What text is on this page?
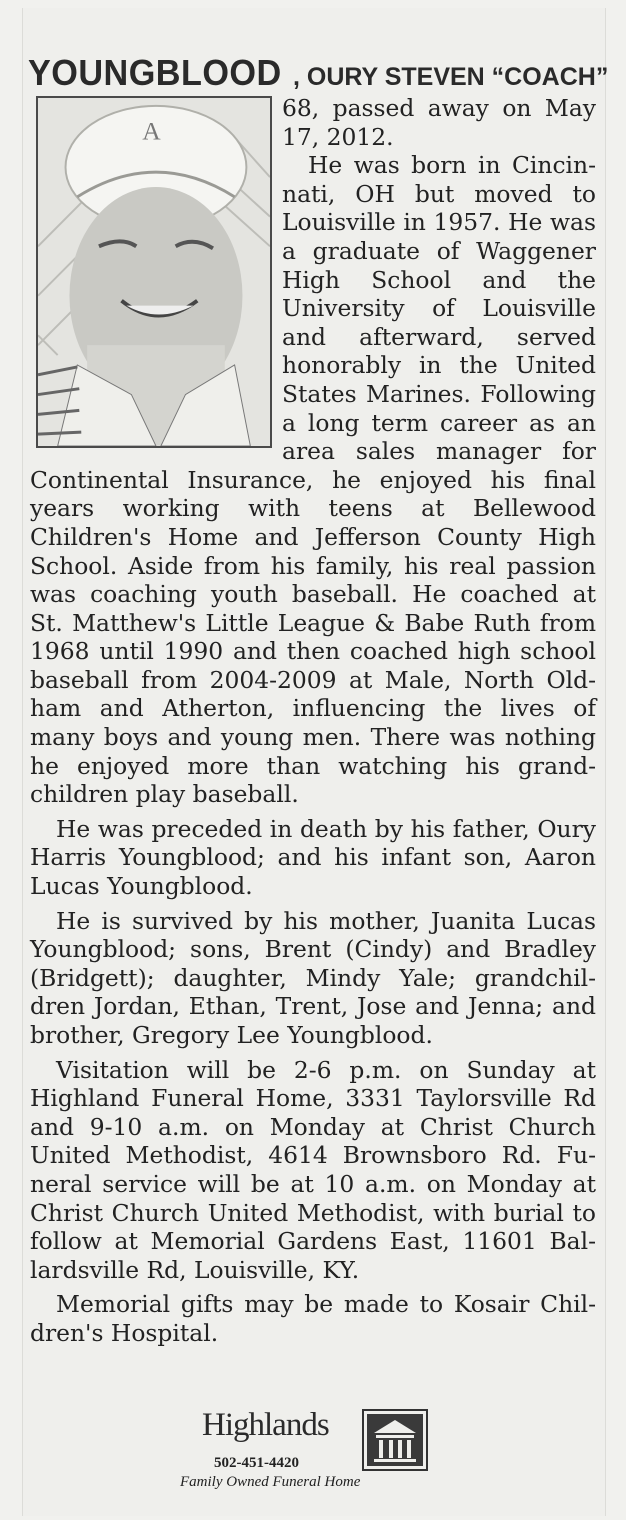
YOUNGBLOOD , OURY STEVEN “COACH”
A

68, passed away on May 17, 2012.

He was born in Cincinnati, OH but moved to Louisville in 1957. He was a graduate of Waggener High School and the University of Louisville and afterward, served honorably in the United States Marines. Following a long term career as an area sales manager for Continental Insurance, he enjoyed his final years working with teens at Bellewood Children's Home and Jefferson County High School. Aside from his family, his real passion was coaching youth baseball. He coached at St. Matthew's Little League & Babe Ruth from 1968 until 1990 and then coached high school baseball from 2004-2009 at Male, North Oldham and Atherton, influencing the lives of many boys and young men. There was nothing he enjoyed more than watching his grandchildren play baseball.

He was preceded in death by his father, Oury Harris Youngblood; and his infant son, Aaron Lucas Youngblood.

He is survived by his mother, Juanita Lucas Youngblood; sons, Brent (Cindy) and Bradley (Bridgett); daughter, Mindy Yale; grandchildren Jordan, Ethan, Trent, Jose and Jenna; and brother, Gregory Lee Youngblood.

Visitation will be 2-6 p.m. on Sunday at Highland Funeral Home, 3331 Taylorsville Rd and 9-10 a.m. on Monday at Christ Church United Methodist, 4614 Brownsboro Rd. Funeral service will be at 10 a.m. on Monday at Christ Church United Methodist, with burial to follow at Memorial Gardens East, 11601 Ballardsville Rd, Louisville, KY.

Memorial gifts may be made to Kosair Children's Hospital.

Highlands
502-451-4420
Family Owned Funeral Home
